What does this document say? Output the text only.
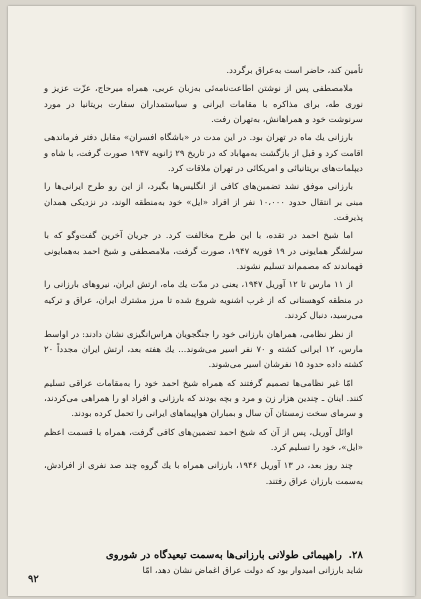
تأمین کند، حاضر است به‌عراق برگردد.

ملامصطفی پس از نوشتن اطاعت‌نامه‌ئی به‌زبان عربی، همراه میرحاج، عزّت عزیز و نوری طه، برای مذاکره با مقامات ایرانی و سیاستمداران سفارت بریتانیا در مورد سرنوشت خود و همراهانش، به‌تهران رفت.

بارزانی یك ماه در تهران بود. در این مدت در «باشگاه افسران» مقابل دفتر فرماندهی اقامت کرد و قبل از بازگشت به‌مهاباد که در تاریخ ۲۹ ژانویه ۱۹۴۷ صورت گرفت، با شاه و دیپلمات‌های بریتانیائی و امریکائی در تهران ملاقات کرد.

بارزانی موفق نشد تضمین‌های کافی از انگلیس‌ها بگیرد، از این رو طرح ایرانی‌ها را مبنی بر انتقال حدود ۱۰،۰۰۰ نفر از افراد «ایل» خود به‌منطقه الوند، در نزدیکی همدان پذیرفت.

اما شیخ احمد در تقده، با این طرح مخالفت کرد. در جریان آخرین گفت‌وگو که با سرلشگر همایونی در ۱۹ فوریه ۱۹۴۷، صورت گرفت، ملامصطفی و شیخ احمد به‌همایونی فهماندند که مصمم‌اند تسلیم نشوند.

از ۱۱ مارس تا ۱۲ آوریل ۱۹۴۷، یعنی در مدّت یك ماه، ارتش ایران، نیروهای بارزانی را در منطقه کوهستانی که از غرب اشنویه شروع شده تا مرز مشترك ایران، عراق و ترکیه می‌رسید، دنبال کردند.

از نظر نظامی، همراهان بارزانی خود را جنگجویان هراس‌انگیزی نشان دادند: در اواسط مارس، ۱۲ ایرانی کشته و ۷۰ نفر اسیر می‌شوند... یك هفته بعد، ارتش ایران مجدداً ۲۰ کشته داده حدود ۱۵ نفرشان اسیر می‌شوند.

امّا غیر نظامی‌ها تصمیم گرفتند که همراه شیخ احمد خود را به‌مقامات عراقی تسلیم کنند. اینان ـ چندین هزار زن و مرد و بچه بودند که بارزانی و افراد او را همراهی می‌کردند، و سرمای سخت زمستان آن سال و بمباران هواپیماهای ایرانی را تحمل کرده بودند.

اوائل آوریل، پس از آن که شیخ احمد تضمین‌های کافی گرفت، همراه با قسمت اعظم «ایل»، خود را تسلیم کرد.

چند روز بعد، در ۱۳ آوریل ۱۹۴۶، بارزانی همراه با یك گروه چند صد نفری از افرادش، به‌سمت بارزان عراق رفتند.

۲۸. راهپیمائی طولانی بارزانی‌ها به‌سمت تبعیدگاه در شوروی
شاید بارزانی امیدوار بود که دولت عراق اغماض نشان دهد، امّا
۹۲
